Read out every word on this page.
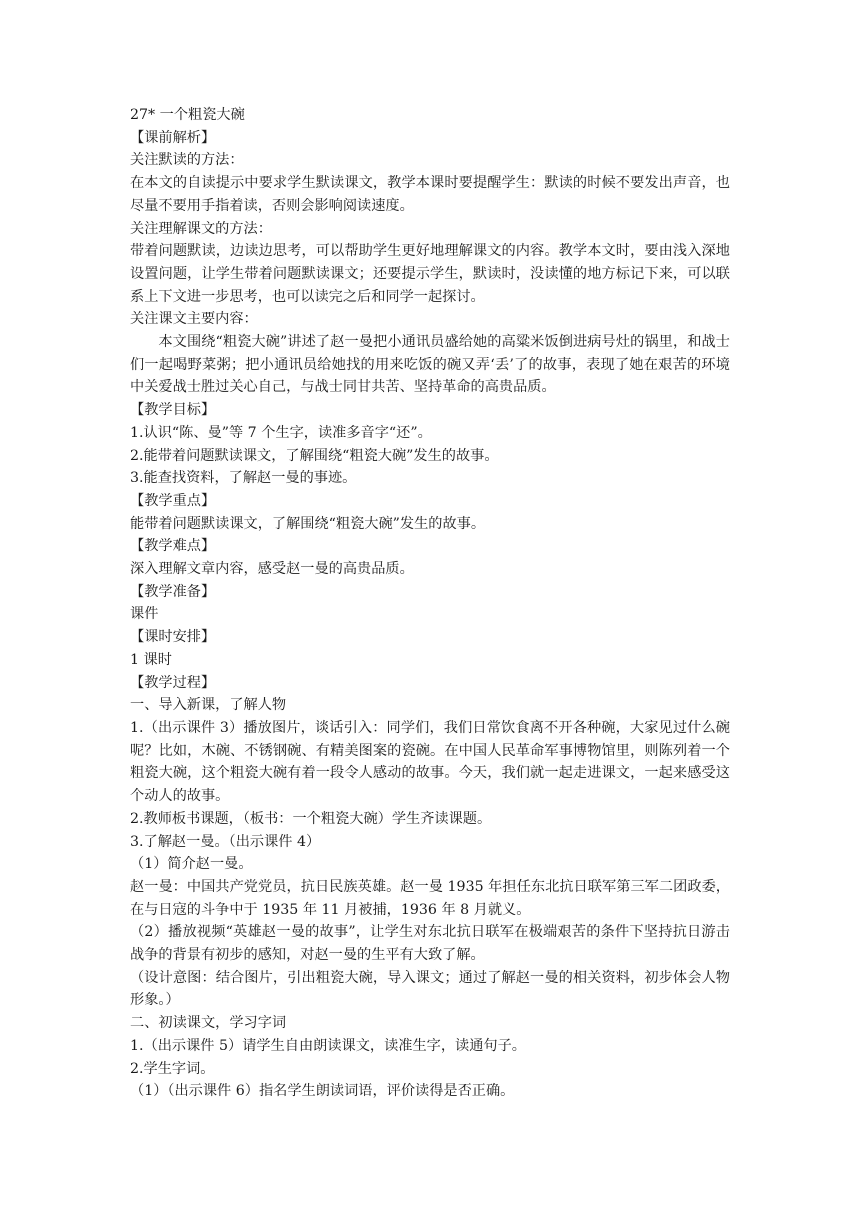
27* 一个粗瓷大碗

【课前解析】

关注默读的方法：

在本文的自读提示中要求学生默读课文，教学本课时要提醒学生：默读的时候不要发出声音，也尽量不要用手指着读，否则会影响阅读速度。

关注理解课文的方法：

带着问题默读，边读边思考，可以帮助学生更好地理解课文的内容。教学本文时，要由浅入深地设置问题，让学生带着问题默读课文；还要提示学生，默读时，没读懂的地方标记下来，可以联系上下文进一步思考，也可以读完之后和同学一起探讨。

关注课文主要内容：

本文围绕“粗瓷大碗”讲述了赵一曼把小通讯员盛给她的高粱米饭倒进病号灶的锅里，和战士们一起喝野菜粥；把小通讯员给她找的用来吃饭的碗又弄‘丢’了的故事，表现了她在艰苦的环境中关爱战士胜过关心自己，与战士同甘共苦、坚持革命的高贵品质。

【教学目标】

1.认识“陈、曼”等 7 个生字，读准多音字“还”。

2.能带着问题默读课文，了解围绕“粗瓷大碗”发生的故事。

3.能查找资料，了解赵一曼的事迹。

【教学重点】

能带着问题默读课文，了解围绕“粗瓷大碗”发生的故事。

【教学难点】

深入理解文章内容，感受赵一曼的高贵品质。

【教学准备】

课件

【课时安排】

1 课时

【教学过程】

一、导入新课，了解人物

1.（出示课件 3）播放图片，谈话引入：同学们，我们日常饮食离不开各种碗，大家见过什么碗呢？比如，木碗、不锈钢碗、有精美图案的瓷碗。在中国人民革命军事博物馆里，则陈列着一个粗瓷大碗，这个粗瓷大碗有着一段令人感动的故事。今天，我们就一起走进课文，一起来感受这个动人的故事。

2.教师板书课题，（板书：一个粗瓷大碗）学生齐读课题。

3.了解赵一曼。（出示课件 4）

（1）简介赵一曼。

赵一曼：中国共产党党员，抗日民族英雄。赵一曼 1935 年担任东北抗日联军第三军二团政委，在与日寇的斗争中于 1935 年 11 月被捕，1936 年 8 月就义。

（2）播放视频“英雄赵一曼的故事”，让学生对东北抗日联军在极端艰苦的条件下坚持抗日游击战争的背景有初步的感知，对赵一曼的生平有大致了解。

（设计意图：结合图片，引出粗瓷大碗，导入课文；通过了解赵一曼的相关资料，初步体会人物形象。）

二、初读课文，学习字词

1.（出示课件 5）请学生自由朗读课文，读准生字，读通句子。

2.学生字词。

（1）（出示课件 6）指名学生朗读词语，评价读得是否正确。
